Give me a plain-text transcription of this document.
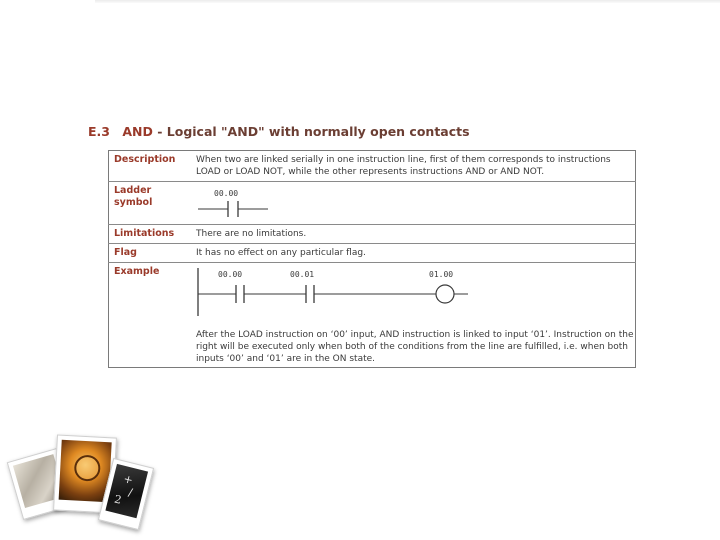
E.3 AND - Logical "AND" with normally open contacts
Description	When two are linked serially in one instruction line, first of them corresponds to instructions LOAD or LOAD NOT, while the other represents instructions AND or AND NOT.
Ladder symbol	00.00

Limitations	There are no limitations.
Flag	It has no effect on any particular flag.
Example	00.00 00.01 01.00
After the LOAD instruction on ‘00’ input, AND instruction is linked to input ‘01’. Instruction on the right will be executed only when both of the conditions from the line are fulfilled, i.e. when both inputs ‘00’ and ‘01’ are in the ON state.
+
/
2
